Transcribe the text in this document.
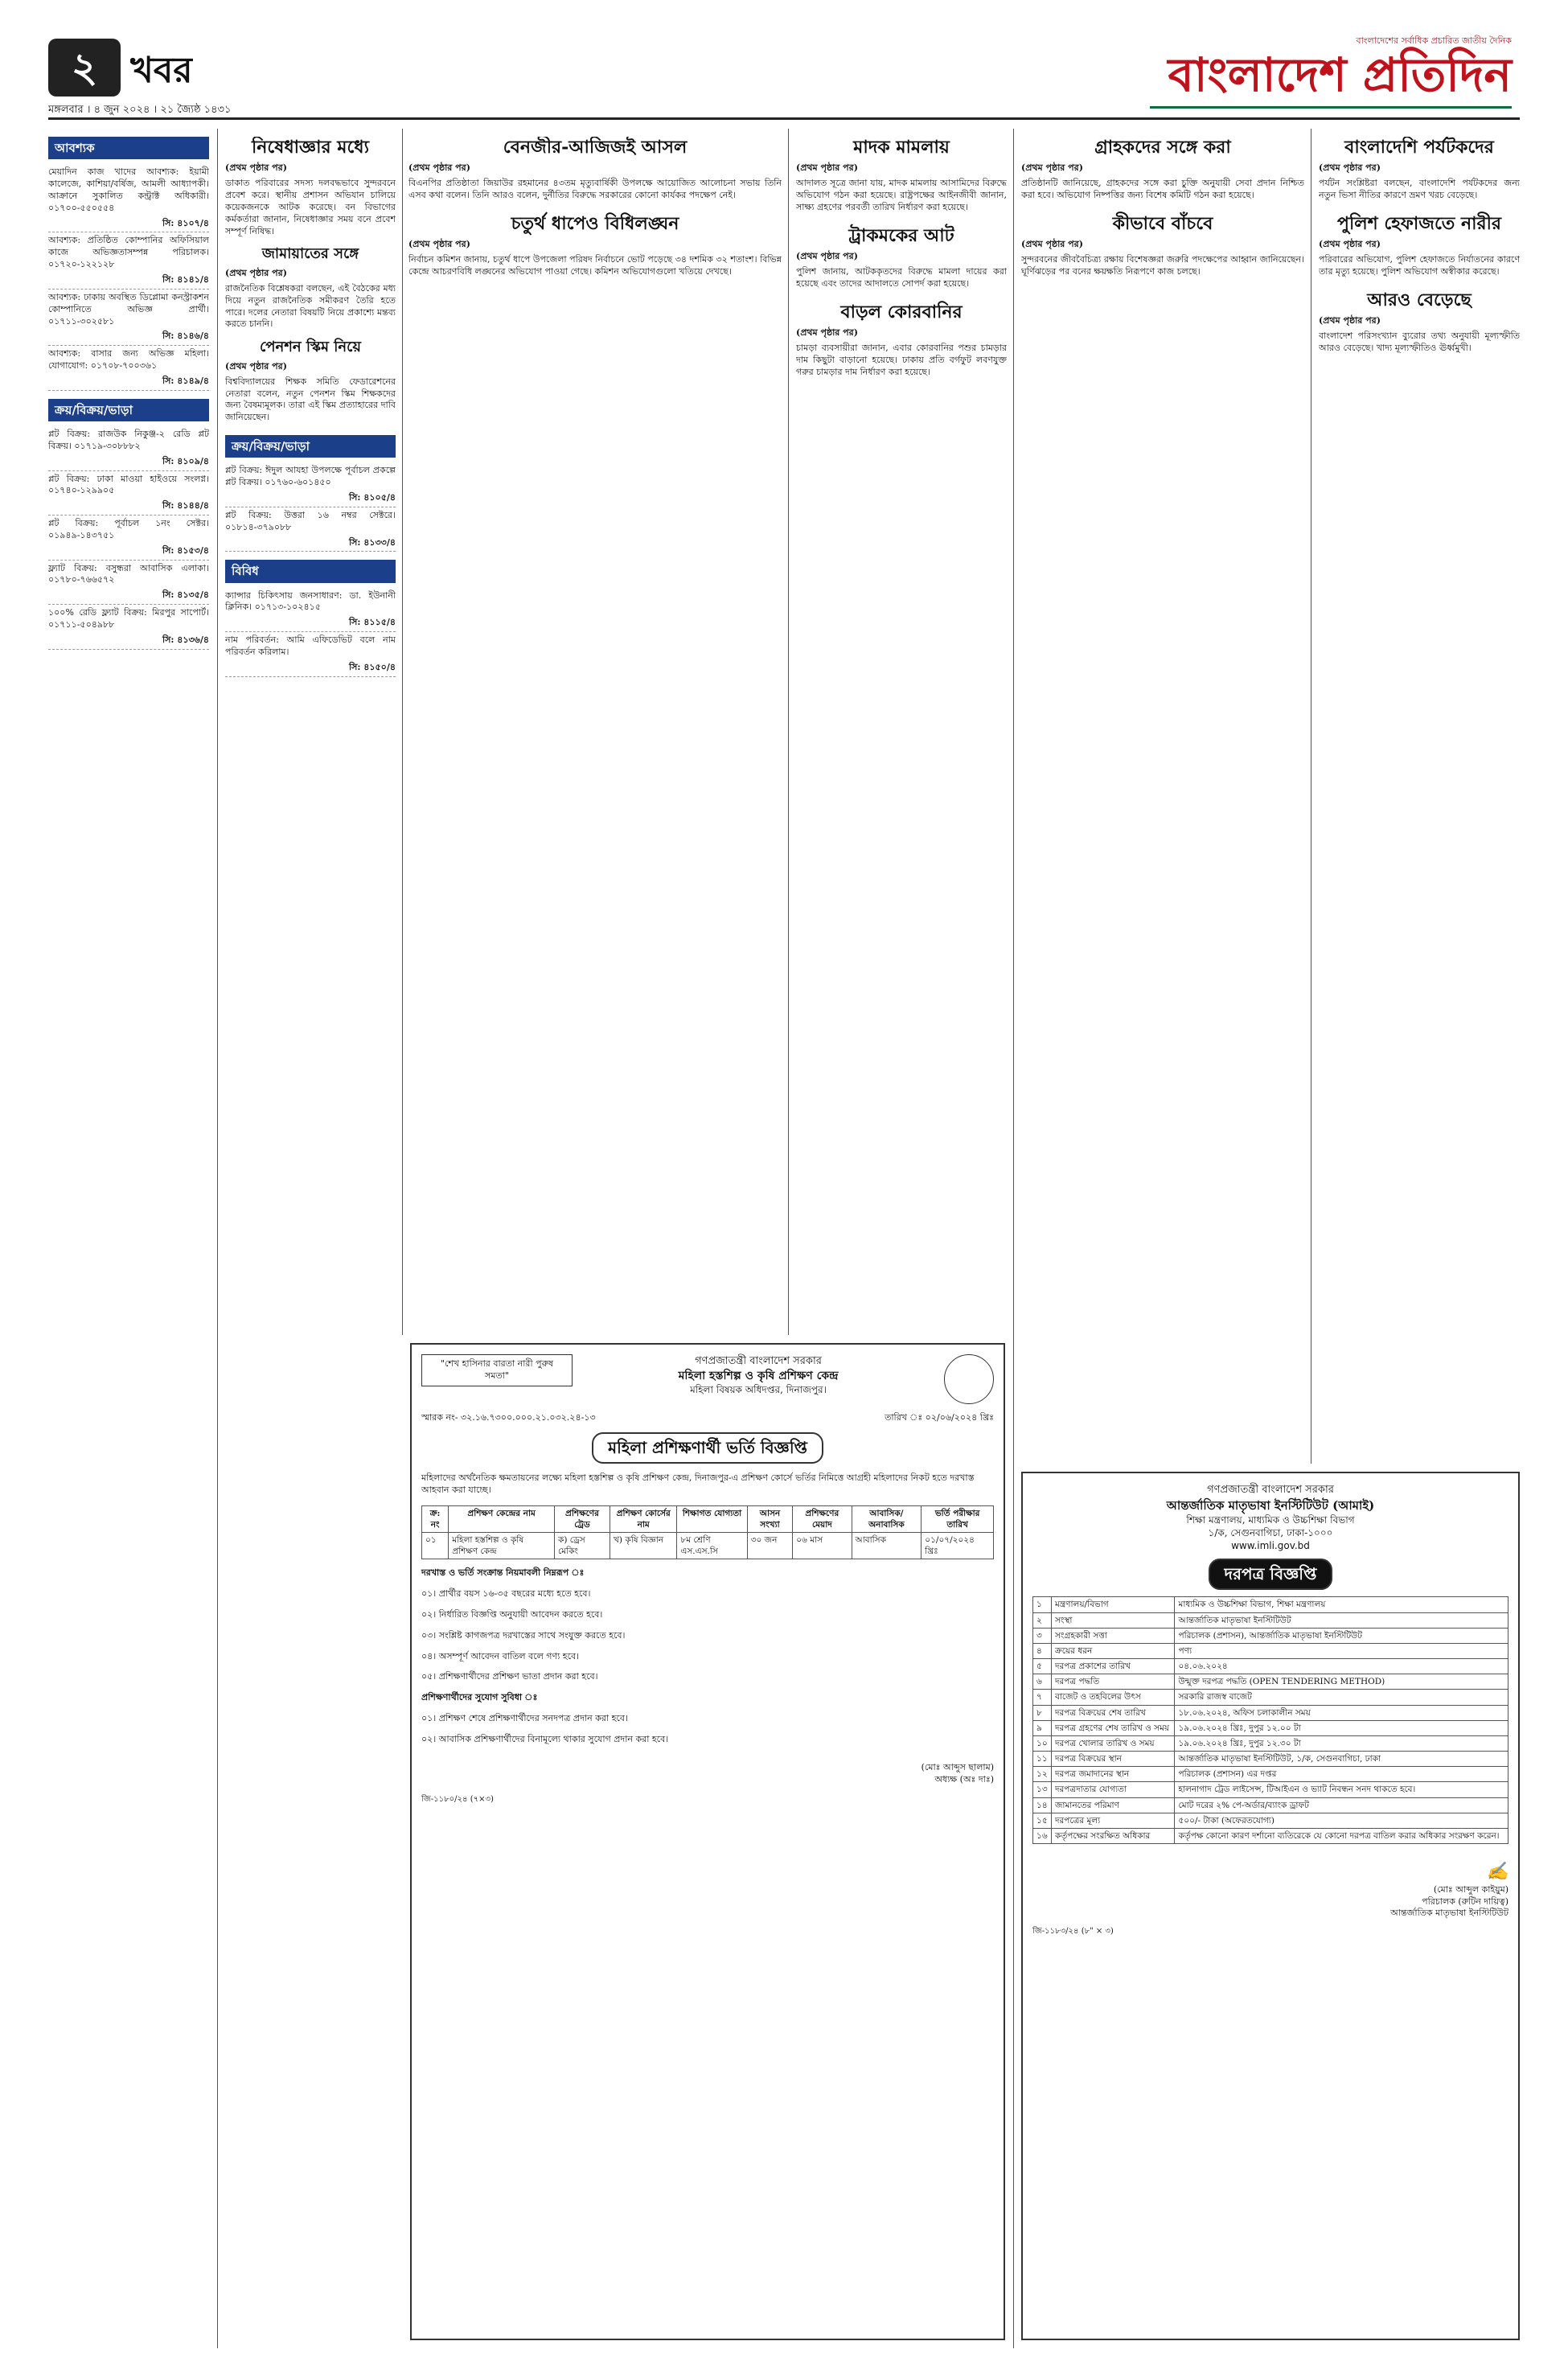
২ খবর
মঙ্গলবার । ৪ জুন ২০২৪ । ২১ জ্যৈষ্ঠ ১৪৩১
বাংলাদেশের সর্বাধিক প্রচারিত জাতীয় দৈনিক
বাংলাদেশ প্রতিদিন
আবশ্যক

মেয়াদিন কাজ খাদের আবশ্যক: ইয়ামী কালেজে, কাশিয়া/বর্ষিজ, আমলী আধ্যাপকী। আক্রানে সুকালিত কন্ট্রাক্ট অধিকারী। ০১৭০০-৫৫০৫৫৪

সি: ৪১০৭/৪

আবশ্যক: প্রতিষ্ঠিত কোম্পানির অফিসিয়াল কাজে অভিজ্ঞতাসম্পন্ন পরিচালক। ০১৭২০-১২২১২৮

সি: ৪১৪১/৪

আবশ্যক: ঢাকায় অবস্থিত ডিপ্লোমা কনস্ট্রাকশন কোম্পানিতে অভিজ্ঞ প্রার্থী। ০১৭১১-৩০২৫৮১

সি: ৪১৪৬/৪

আবশ্যক: বাসার জন্য অভিজ্ঞ মহিলা। যোগাযোগ: ০১৭০৮-৭০০৩৬১

সি: ৪১৪৯/৪
ক্রয়/বিক্রয়/ভাড়া

প্লট বিক্রয়: রাজউক নিকুঞ্জ-২ রেডি প্লট বিক্রয়। ০১৭১৯-৩০৮৮৮২

সি: ৪১০৯/৪

প্লট বিক্রয়: ঢাকা মাওয়া হাইওয়ে সংলগ্ন। ০১৭৪০-১২৯৯০৫

সি: ৪১৪৪/৪

প্লট বিক্রয়: পূর্বাচল ১নং সেক্টর। ০১৯৪৯-১৪৩৭৫১

সি: ৪১৫৩/৪

ফ্ল্যাট বিক্রয়: বসুন্ধরা আবাসিক এলাকা। ০১৭৮০-৭৬৬৫৭২

সি: ৪১৩৫/৪

১০০% রেডি ফ্ল্যাট বিক্রয়: মিরপুর সাপোর্ট। ০১৭১১-৫০৪৯৮৮

সি: ৪১৩৬/৪
নিষেধাজ্ঞার মধ্যে

(প্রথম পৃষ্ঠার পর)

ডাকাত পরিবারের সদস্য দলবদ্ধভাবে সুন্দরবনে প্রবেশ করে। স্থানীয় প্রশাসন অভিযান চালিয়ে কয়েকজনকে আটক করেছে। বন বিভাগের কর্মকর্তারা জানান, নিষেধাজ্ঞার সময় বনে প্রবেশ সম্পূর্ণ নিষিদ্ধ।

জামায়াতের সঙ্গে

(প্রথম পৃষ্ঠার পর)

রাজনৈতিক বিশ্লেষকরা বলছেন, এই বৈঠকের মধ্য দিয়ে নতুন রাজনৈতিক সমীকরণ তৈরি হতে পারে। দলের নেতারা বিষয়টি নিয়ে প্রকাশ্যে মন্তব্য করতে চাননি।

পেনশন স্কিম নিয়ে

(প্রথম পৃষ্ঠার পর)

বিশ্ববিদ্যালয়ের শিক্ষক সমিতি ফেডারেশনের নেতারা বলেন, নতুন পেনশন স্কিম শিক্ষকদের জন্য বৈষম্যমূলক। তারা এই স্কিম প্রত্যাহারের দাবি জানিয়েছেন।

ক্রয়/বিক্রয়/ভাড়া

প্লট বিক্রয়: ঈদুল আযহা উপলক্ষে পূর্বাচল প্রকল্পে প্লট বিক্রয়। ০১৭৬০-৬০১৪৫০

সি: ৪১০৫/৪

প্লট বিক্রয়: উত্তরা ১৬ নম্বর সেক্টরে। ০১৮১৪-৩৭৯০৮৮

সি: ৪১৩৩/৪
বিবিধ

ক্যান্সার চিকিৎসায় জনসাধারণ: ডা. ইউনানী ক্লিনিক। ০১৭১৩-১০২৪১৫

সি: ৪১১৫/৪

নাম পরিবর্তন: আমি এফিডেভিট বলে নাম পরিবর্তন করিলাম।

সি: ৪১৫০/৪
বেনজীর-আজিজই আসল

(প্রথম পৃষ্ঠার পর)

বিএনপির প্রতিষ্ঠাতা জিয়াউর রহমানের ৪৩তম মৃত্যুবার্ষিকী উপলক্ষে আয়োজিত আলোচনা সভায় তিনি এসব কথা বলেন। তিনি আরও বলেন, দুর্নীতির বিরুদ্ধে সরকারের কোনো কার্যকর পদক্ষেপ নেই।

চতুর্থ ধাপেও বিধিলঙ্ঘন

(প্রথম পৃষ্ঠার পর)

নির্বাচন কমিশন জানায়, চতুর্থ ধাপে উপজেলা পরিষদ নির্বাচনে ভোট পড়েছে ৩৪ দশমিক ৩২ শতাংশ। বিভিন্ন কেন্দ্রে আচরণবিধি লঙ্ঘনের অভিযোগ পাওয়া গেছে। কমিশন অভিযোগগুলো খতিয়ে দেখছে।

মাদক মামলায়

(প্রথম পৃষ্ঠার পর)

আদালত সূত্রে জানা যায়, মাদক মামলায় আসামিদের বিরুদ্ধে অভিযোগ গঠন করা হয়েছে। রাষ্ট্রপক্ষের আইনজীবী জানান, সাক্ষ্য গ্রহণের পরবর্তী তারিখ নির্ধারণ করা হয়েছে।

ট্রাকমকের আট

(প্রথম পৃষ্ঠার পর)

পুলিশ জানায়, আটককৃতদের বিরুদ্ধে মামলা দায়ের করা হয়েছে এবং তাদের আদালতে সোপর্দ করা হয়েছে।

বাড়ল কোরবানির

(প্রথম পৃষ্ঠার পর)

চামড়া ব্যবসায়ীরা জানান, এবার কোরবানির পশুর চামড়ার দাম কিছুটা বাড়ানো হয়েছে। ঢাকায় প্রতি বর্গফুট লবণযুক্ত গরুর চামড়ার দাম নির্ধারণ করা হয়েছে।

গ্রাহকদের সঙ্গে করা

(প্রথম পৃষ্ঠার পর)

প্রতিষ্ঠানটি জানিয়েছে, গ্রাহকদের সঙ্গে করা চুক্তি অনুযায়ী সেবা প্রদান নিশ্চিত করা হবে। অভিযোগ নিষ্পত্তির জন্য বিশেষ কমিটি গঠন করা হয়েছে।

কীভাবে বাঁচবে

(প্রথম পৃষ্ঠার পর)

সুন্দরবনের জীববৈচিত্র্য রক্ষায় বিশেষজ্ঞরা জরুরি পদক্ষেপের আহ্বান জানিয়েছেন। ঘূর্ণিঝড়ের পর বনের ক্ষয়ক্ষতি নিরূপণে কাজ চলছে।

বাংলাদেশি পর্যটকদের

(প্রথম পৃষ্ঠার পর)

পর্যটন সংশ্লিষ্টরা বলছেন, বাংলাদেশি পর্যটকদের জন্য নতুন ভিসা নীতির কারণে ভ্রমণ খরচ বেড়েছে।

পুলিশ হেফাজতে নারীর

(প্রথম পৃষ্ঠার পর)

পরিবারের অভিযোগ, পুলিশ হেফাজতে নির্যাতনের কারণে তার মৃত্যু হয়েছে। পুলিশ অভিযোগ অস্বীকার করেছে।

আরও বেড়েছে

(প্রথম পৃষ্ঠার পর)

বাংলাদেশ পরিসংখ্যান ব্যুরোর তথ্য অনুযায়ী মূল্যস্ফীতি আরও বেড়েছে। খাদ্য মূল্যস্ফীতিও ঊর্ধ্বমুখী।

"শেখ হাসিনার বারতা নারী পুরুষ সমতা"
গণপ্রজাতন্ত্রী বাংলাদেশ সরকার
মহিলা হস্তশিল্প ও কৃষি প্রশিক্ষণ কেন্দ্র
মহিলা বিষয়ক অধিদপ্তর, দিনাজপুর।
স্মারক নং- ৩২.১৬.৭৩০০.০০০.২১.০৩২.২৪-১৩	তারিখ ঃ ০২/০৬/২০২৪ খ্রিঃ
মহিলা প্রশিক্ষণার্থী ভর্তি বিজ্ঞপ্তি

মহিলাদের অর্থনৈতিক ক্ষমতায়নের লক্ষ্যে মহিলা হস্তশিল্প ও কৃষি প্রশিক্ষণ কেন্দ্র, দিনাজপুর-এ প্রশিক্ষণ কোর্সে ভর্তির নিমিত্তে আগ্রহী মহিলাদের নিকট হতে দরখাস্ত আহবান করা যাচ্ছে।

ক্র: নং	প্রশিক্ষণ কেন্দ্রের নাম	প্রশিক্ষণের ট্রেড	প্রশিক্ষণ কোর্সের নাম	শিক্ষাগত যোগ্যতা	আসন সংখ্যা	প্রশিক্ষণের মেয়াদ	আবাসিক/অনাবাসিক	ভর্তি পরীক্ষার তারিখ
০১	মহিলা হস্তশিল্প ও কৃষি প্রশিক্ষণ কেন্দ্র	ক) ড্রেস মেকিং	খ) কৃষি বিজ্ঞান	৮ম শ্রেণি এস.এস.সি	৩০ জন	০৬ মাস	আবাসিক	০১/০৭/২০২৪ খ্রিঃ
দরখাস্ত ও ভর্তি সংক্রান্ত নিয়মাবলী নিম্নরূপ ঃ

০১। প্রার্থীর বয়স ১৬-৩৫ বছরের মধ্যে হতে হবে।

০২। নির্ধারিত বিজ্ঞপ্তি অনুযায়ী আবেদন করতে হবে।

০৩। সংশ্লিষ্ট কাগজপত্র দরখাস্তের সাথে সংযুক্ত করতে হবে।

০৪। অসম্পূর্ণ আবেদন বাতিল বলে গণ্য হবে।

০৫। প্রশিক্ষণার্থীদের প্রশিক্ষণ ভাতা প্রদান করা হবে।

প্রশিক্ষণার্থীদের সুযোগ সুবিধা ঃ

০১। প্রশিক্ষণ শেষে প্রশিক্ষণার্থীদের সনদপত্র প্রদান করা হবে।

০২। আবাসিক প্রশিক্ষণার্থীদের বিনামূল্যে থাকার সুযোগ প্রদান করা হবে।

(মোঃ আব্দুস ছালাম)
অধ্যক্ষ (অঃ দাঃ)
জি-১১৮০/২৪ (৭×৩)
গণপ্রজাতন্ত্রী বাংলাদেশ সরকার
আন্তর্জাতিক মাতৃভাষা ইনস্টিটিউট (আমাই)
শিক্ষা মন্ত্রণালয়, মাধ্যমিক ও উচ্চশিক্ষা বিভাগ
১/ক, সেগুনবাগিচা, ঢাকা-১০০০
www.imli.gov.bd
দরপত্র বিজ্ঞপ্তি
১	মন্ত্রণালয়/বিভাগ	মাধ্যমিক ও উচ্চশিক্ষা বিভাগ, শিক্ষা মন্ত্রণালয়
২	সংস্থা	আন্তর্জাতিক মাতৃভাষা ইনস্টিটিউট
৩	সংগ্রহকারী সত্তা	পরিচালক (প্রশাসন), আন্তর্জাতিক মাতৃভাষা ইনস্টিটিউট
৪	ক্রয়ের ধরন	পণ্য
৫	দরপত্র প্রকাশের তারিখ	০৪.০৬.২০২৪
৬	দরপত্র পদ্ধতি	উন্মুক্ত দরপত্র পদ্ধতি (OPEN TENDERING METHOD)
৭	বাজেট ও তহবিলের উৎস	সরকারি রাজস্ব বাজেট
৮	দরপত্র বিক্রয়ের শেষ তারিখ	১৮.০৬.২০২৪, অফিস চলাকালীন সময়
৯	দরপত্র গ্রহণের শেষ তারিখ ও সময়	১৯.০৬.২০২৪ খ্রিঃ, দুপুর ১২.০০ টা
১০	দরপত্র খোলার তারিখ ও সময়	১৯.০৬.২০২৪ খ্রিঃ, দুপুর ১২.৩০ টা
১১	দরপত্র বিক্রয়ের স্থান	আন্তর্জাতিক মাতৃভাষা ইনস্টিটিউট, ১/ক, সেগুনবাগিচা, ঢাকা
১২	দরপত্র জমাদানের স্থান	পরিচালক (প্রশাসন) এর দপ্তর
১৩	দরপত্রদাতার যোগ্যতা	হালনাগাদ ট্রেড লাইসেন্স, টিআইএন ও ভ্যাট নিবন্ধন সনদ থাকতে হবে।
১৪	জামানতের পরিমাণ	মোট দরের ২% পে-অর্ডার/ব্যাংক ড্রাফট
১৫	দরপত্রের মূল্য	৫০০/- টাকা (অফেরতযোগ্য)
১৬	কর্তৃপক্ষের সংরক্ষিত অধিকার	কর্তৃপক্ষ কোনো কারণ দর্শানো ব্যতিরেকে যে কোনো দরপত্র বাতিল করার অধিকার সংরক্ষণ করেন।
✍
(মোঃ আব্দুল কাইয়ুম)
পরিচালক (রুটিন দায়িত্ব)
আন্তর্জাতিক মাতৃভাষা ইনস্টিটিউট
জি-১১৮৩/২৪ (৮" × ৩)
